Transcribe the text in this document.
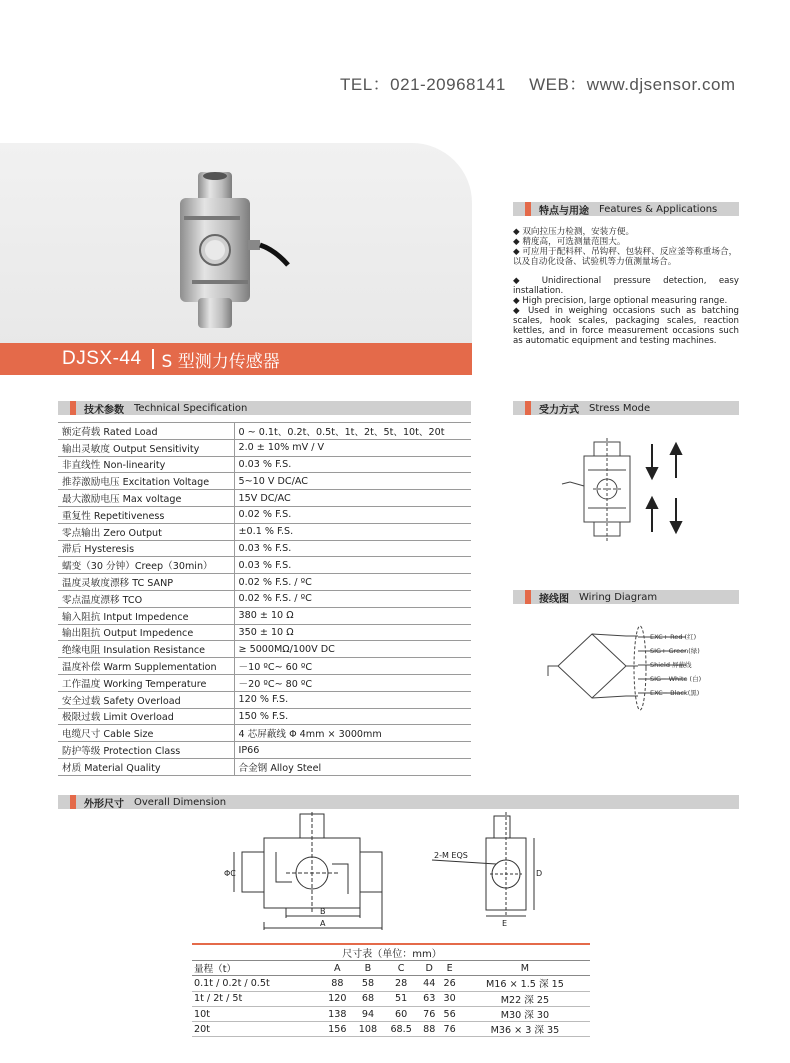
TEL：021-20968141 WEB：www.djsensor.com
DJSX-44	S 型测力传感器
特点与用途 Features & Applications

◆ 双向拉压力检测，安装方便。

◆ 精度高，可选测量范围大。

◆ 可应用于配料秤、吊钩秤、包装秤、反应釜等称重场合，以及自动化设备、试验机等力值测量场合。

◆ Unidirectional pressure detection, easy installation.

◆ High precision, large optional measuring range.

◆ Used in weighing occasions such as batching scales, hook scales, packaging scales, reaction kettles, and in force measurement occasions such as automatic equipment and testing machines.

技术参数 Technical Specification
额定荷载 Rated Load	0 ~ 0.1t、0.2t、0.5t、1t、2t、5t、10t、20t
输出灵敏度 Output Sensitivity	2.0 ± 10% mV / V
非直线性 Non-linearity	0.03 % F.S.
推荐激励电压 Excitation Voltage	5~10 V DC/AC
最大激励电压 Max voltage	15V DC/AC
重复性 Repetitiveness	0.02 % F.S.
零点输出 Zero Output	±0.1 % F.S.
滞后 Hysteresis	0.03 % F.S.
蠕变（30 分钟）Creep（30min）	0.03 % F.S.
温度灵敏度漂移 TC SANP	0.02 % F.S. / ºC
零点温度漂移 TCO	0.02 % F.S. / ºC
输入阻抗 Intput Impedence	380 ± 10 Ω
输出阻抗 Output Impedence	350 ± 10 Ω
绝缘电阻 Insulation Resistance	≥ 5000MΩ/100V DC
温度补偿 Warm Supplementation	－10 ºC~ 60 ºC
工作温度 Working Temperature	－20 ºC~ 80 ºC
安全过载 Safety Overload	120 % F.S.
极限过载 Limit Overload	150 % F.S.
电缆尺寸 Cable Size	4 芯屏蔽线 Φ 4mm × 3000mm
防护等级 Protection Class	IP66
材质 Material Quality	合金钢 Alloy Steel
受力方式 Stress Mode
接线图 Wiring Diagram
EXC+ Red (红)
SIG+ Green(绿)
Shield 屏蔽线
SIG− White (白)
EXC− Black(黑)
外形尺寸 Overall Dimension
ΦC
B
A
2-M EQS
D
E
尺寸表（单位：mm）						
量程（t）	A	B	C	D	E	M
0.1t / 0.2t / 0.5t	88	58	28	44	26	M16 × 1.5 深 15
1t / 2t / 5t	120	68	51	63	30	M22 深 25
10t	138	94	60	76	56	M30 深 30
20t	156	108	68.5	88	76	M36 × 3 深 35
